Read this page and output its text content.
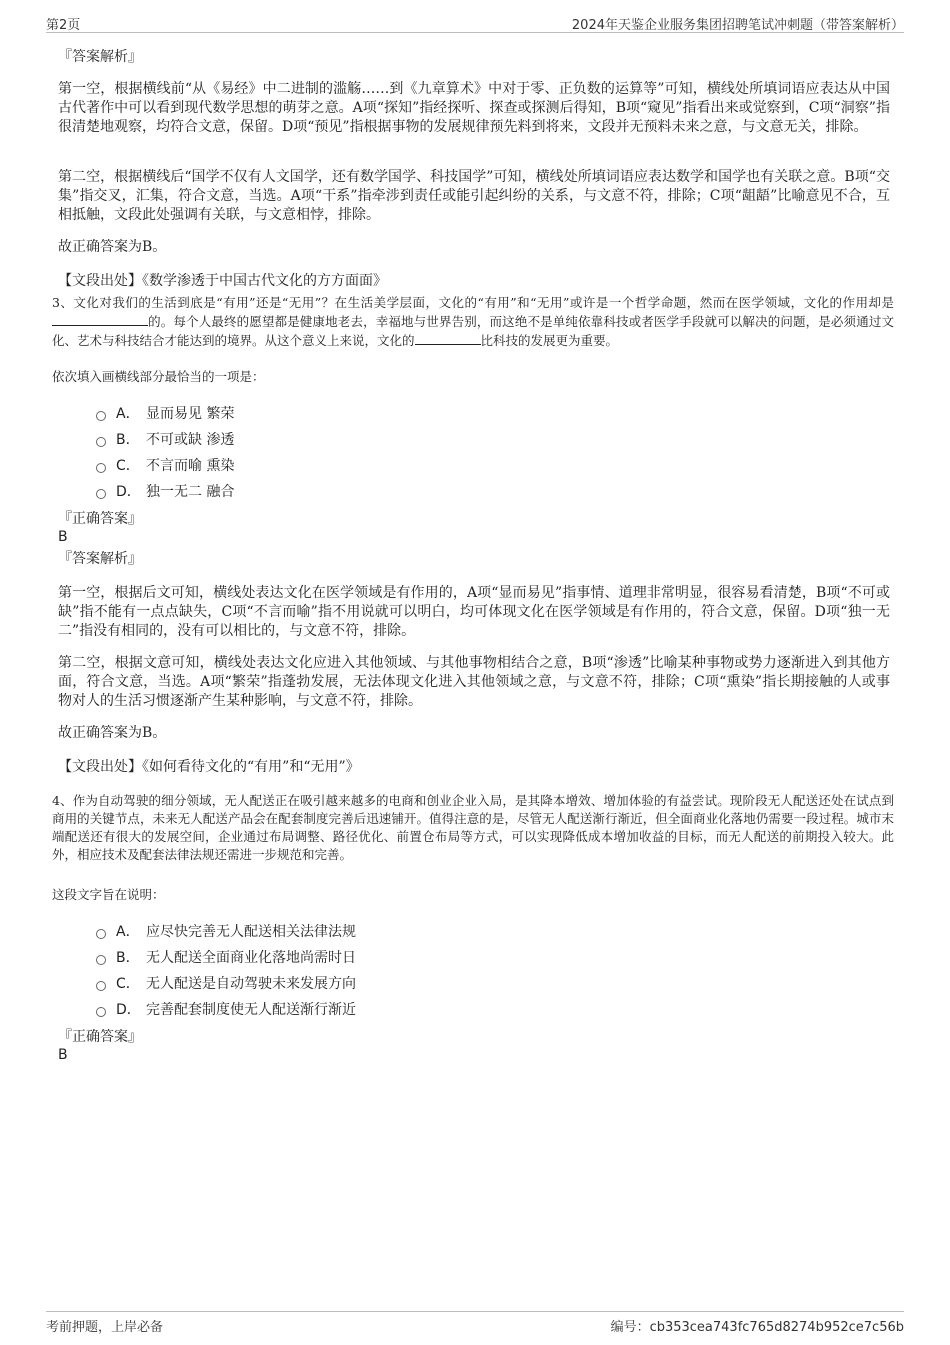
第2页	2024年天鉴企业服务集团招聘笔试冲刺题（带答案解析）
『答案解析』
第一空，根据横线前“从《易经》中二进制的滥觞……到《九章算术》中对于零、正负数的运算等”可知，横线处所填词语应表达从中国古代著作中可以看到现代数学思想的萌芽之意。A项“探知”指经探听、探查或探测后得知，B项“窥见”指看出来或觉察到，C项“洞察”指很清楚地观察，均符合文意，保留。D项“预见”指根据事物的发展规律预先料到将来，文段并无预料未来之意，与文意无关，排除。
第二空，根据横线后“国学不仅有人文国学，还有数学国学、科技国学”可知，横线处所填词语应表达数学和国学也有关联之意。B项“交集”指交叉，汇集，符合文意，当选。A项“干系”指牵涉到责任或能引起纠纷的关系，与文意不符，排除；C项“龃龉”比喻意见不合，互相抵触，文段此处强调有关联，与文意相悖，排除。
故正确答案为B。
【文段出处】《数学渗透于中国古代文化的方方面面》
3、文化对我们的生活到底是“有用”还是“无用”？在生活美学层面，文化的“有用”和“无用”或许是一个哲学命题，然而在医学领域，文化的作用却是的。每个人最终的愿望都是健康地老去，幸福地与世界告别，而这绝不是单纯依靠科技或者医学手段就可以解决的问题，是必须通过文化、艺术与科技结合才能达到的境界。从这个意义上来说，文化的	比科技的发展更为重要。
依次填入画横线部分最恰当的一项是：
A． 显而易见 繁荣
B． 不可或缺 渗透
C． 不言而喻 熏染
D． 独一无二 融合
『正确答案』
B
『答案解析』
第一空，根据后文可知，横线处表达文化在医学领域是有作用的，A项“显而易见”指事情、道理非常明显，很容易看清楚，B项“不可或缺”指不能有一点点缺失，C项“不言而喻”指不用说就可以明白，均可体现文化在医学领域是有作用的，符合文意，保留。D项“独一无二”指没有相同的，没有可以相比的，与文意不符，排除。
第二空，根据文意可知，横线处表达文化应进入其他领域、与其他事物相结合之意，B项“渗透”比喻某种事物或势力逐渐进入到其他方面，符合文意，当选。A项“繁荣”指蓬勃发展，无法体现文化进入其他领域之意，与文意不符，排除；C项“熏染”指长期接触的人或事物对人的生活习惯逐渐产生某种影响，与文意不符，排除。
故正确答案为B。
【文段出处】《如何看待文化的“有用”和“无用”》
4、作为自动驾驶的细分领域，无人配送正在吸引越来越多的电商和创业企业入局，是其降本增效、增加体验的有益尝试。现阶段无人配送还处在试点到商用的关键节点，未来无人配送产品会在配套制度完善后迅速铺开。值得注意的是，尽管无人配送渐行渐近，但全面商业化落地仍需要一段过程。城市末端配送还有很大的发展空间，企业通过布局调整、路径优化、前置仓布局等方式，可以实现降低成本增加收益的目标，而无人配送的前期投入较大。此外，相应技术及配套法律法规还需进一步规范和完善。
这段文字旨在说明：
A． 应尽快完善无人配送相关法律法规
B． 无人配送全面商业化落地尚需时日
C． 无人配送是自动驾驶未来发展方向
D． 完善配套制度使无人配送渐行渐近
『正确答案』
B
考前押题，上岸必备	编号：cb353cea743fc765d8274b952ce7c56b
